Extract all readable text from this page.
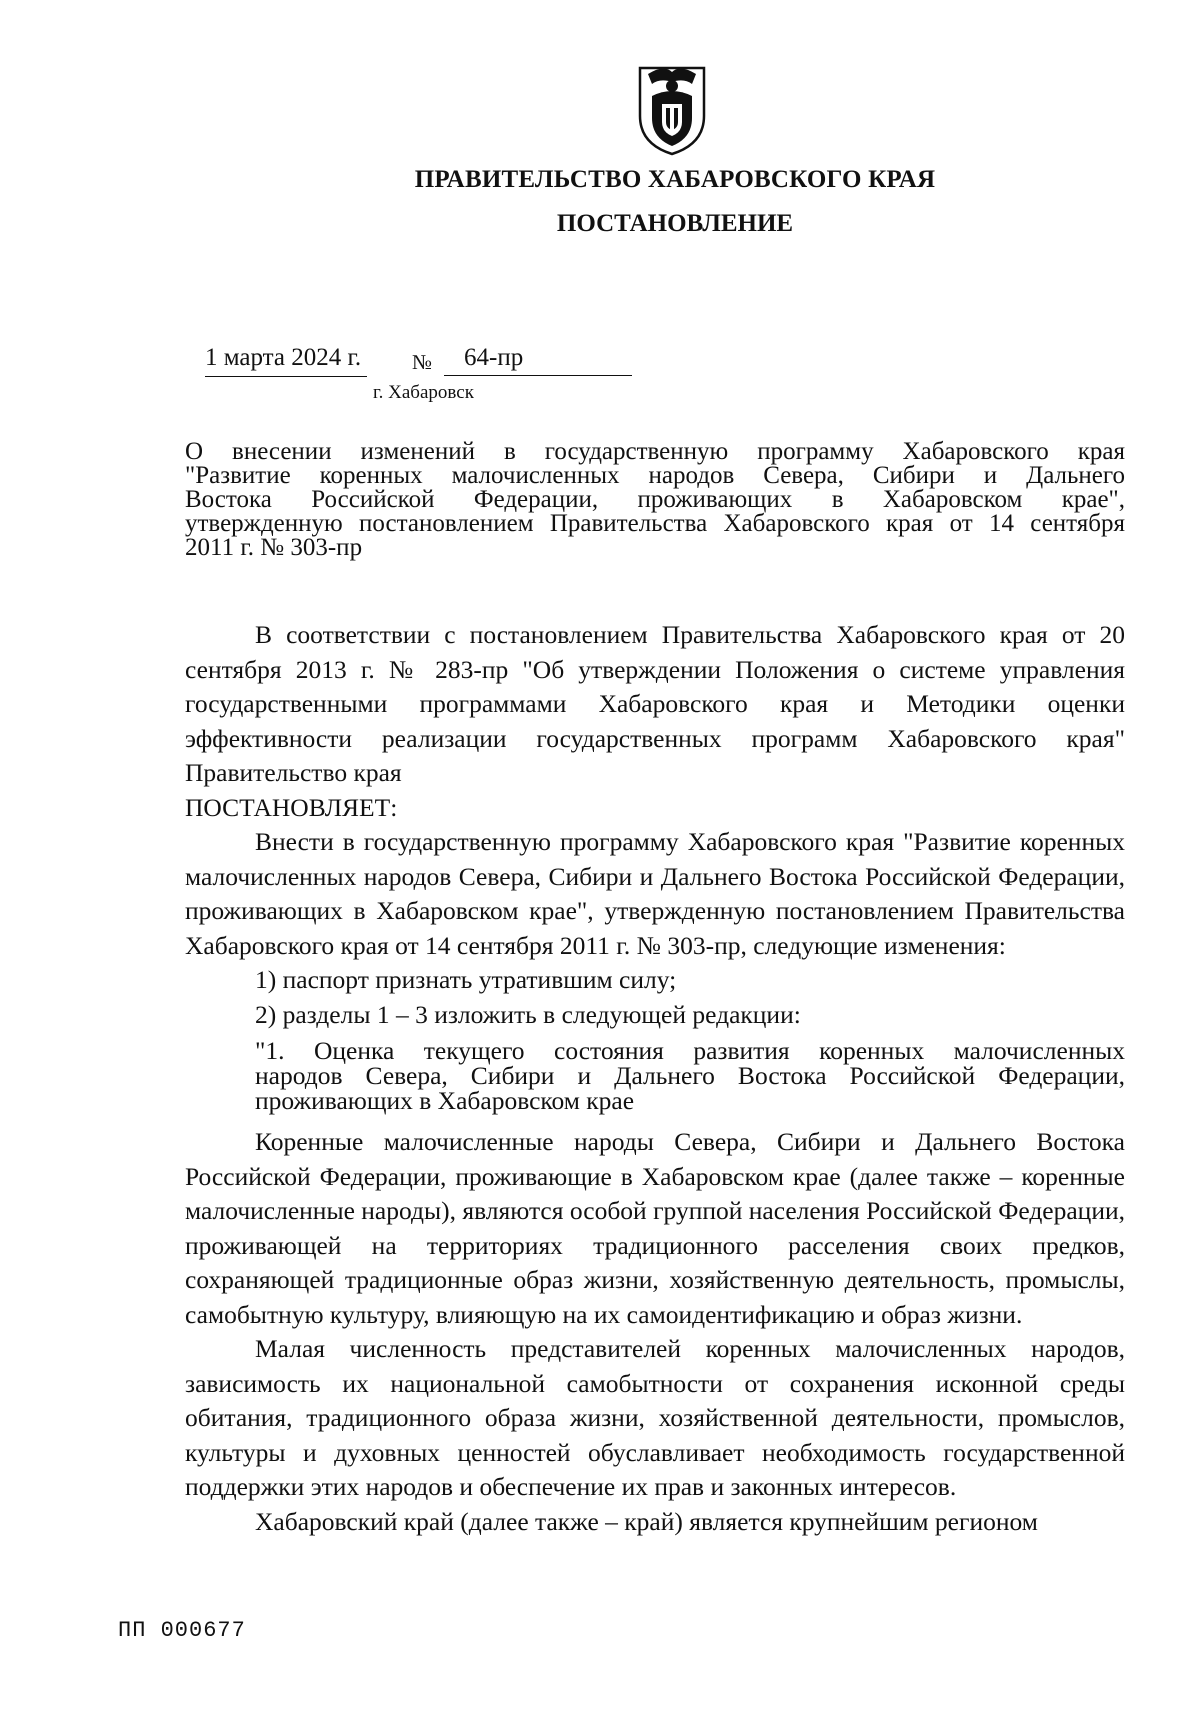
ПРАВИТЕЛЬСТВО ХАБАРОВСКОГО КРАЯ
ПОСТАНОВЛЕНИЕ
1 марта 2024 г. №	64-пр
г. Хабаровск
О внесении изменений в государственную программу Хабаровского края
"Развитие коренных малочисленных народов Севера, Сибири и Дальнего
Востока Российской Федерации, проживающих в Хабаровском крае",
утвержденную постановлением Правительства Хабаровского края от 14 сентября
2011 г. № 303-пр
В соответствии с постановлением Правительства Хабаровского края от 20 сентября 2013 г. № 283-пр "Об утверждении Положения о системе управления государственными программами Хабаровского края и Методики оценки эффективности реализации государственных программ Хабаровского края" Правительство края
ПОСТАНОВЛЯЕТ:
Внести в государственную программу Хабаровского края "Развитие коренных малочисленных народов Севера, Сибири и Дальнего Востока Российской Федерации, проживающих в Хабаровском крае", утвержденную постановлением Правительства Хабаровского края от 14 сентября 2011 г. № 303-пр, следующие изменения:
1) паспорт признать утратившим силу;
2) разделы 1 – 3 изложить в следующей редакции:
"1. Оценка текущего состояния развития коренных малочисленных
народов Севера, Сибири и Дальнего Востока Российской Федерации,
проживающих в Хабаровском крае
Коренные малочисленные народы Севера, Сибири и Дальнего Востока Российской Федерации, проживающие в Хабаровском крае (далее также – коренные малочисленные народы), являются особой группой населения Российской Федерации, проживающей на территориях традиционного расселения своих предков, сохраняющей традиционные образ жизни, хозяйственную деятельность, промыслы, самобытную культуру, влияющую на их самоидентификацию и образ жизни.
Малая численность представителей коренных малочисленных народов, зависимость их национальной самобытности от сохранения исконной среды обитания, традиционного образа жизни, хозяйственной деятельности, промыслов, культуры и духовных ценностей обуславливает необходимость государственной поддержки этих народов и обеспечение их прав и законных интересов.
Хабаровский край (далее также – край) является крупнейшим регионом
ПП 000677
